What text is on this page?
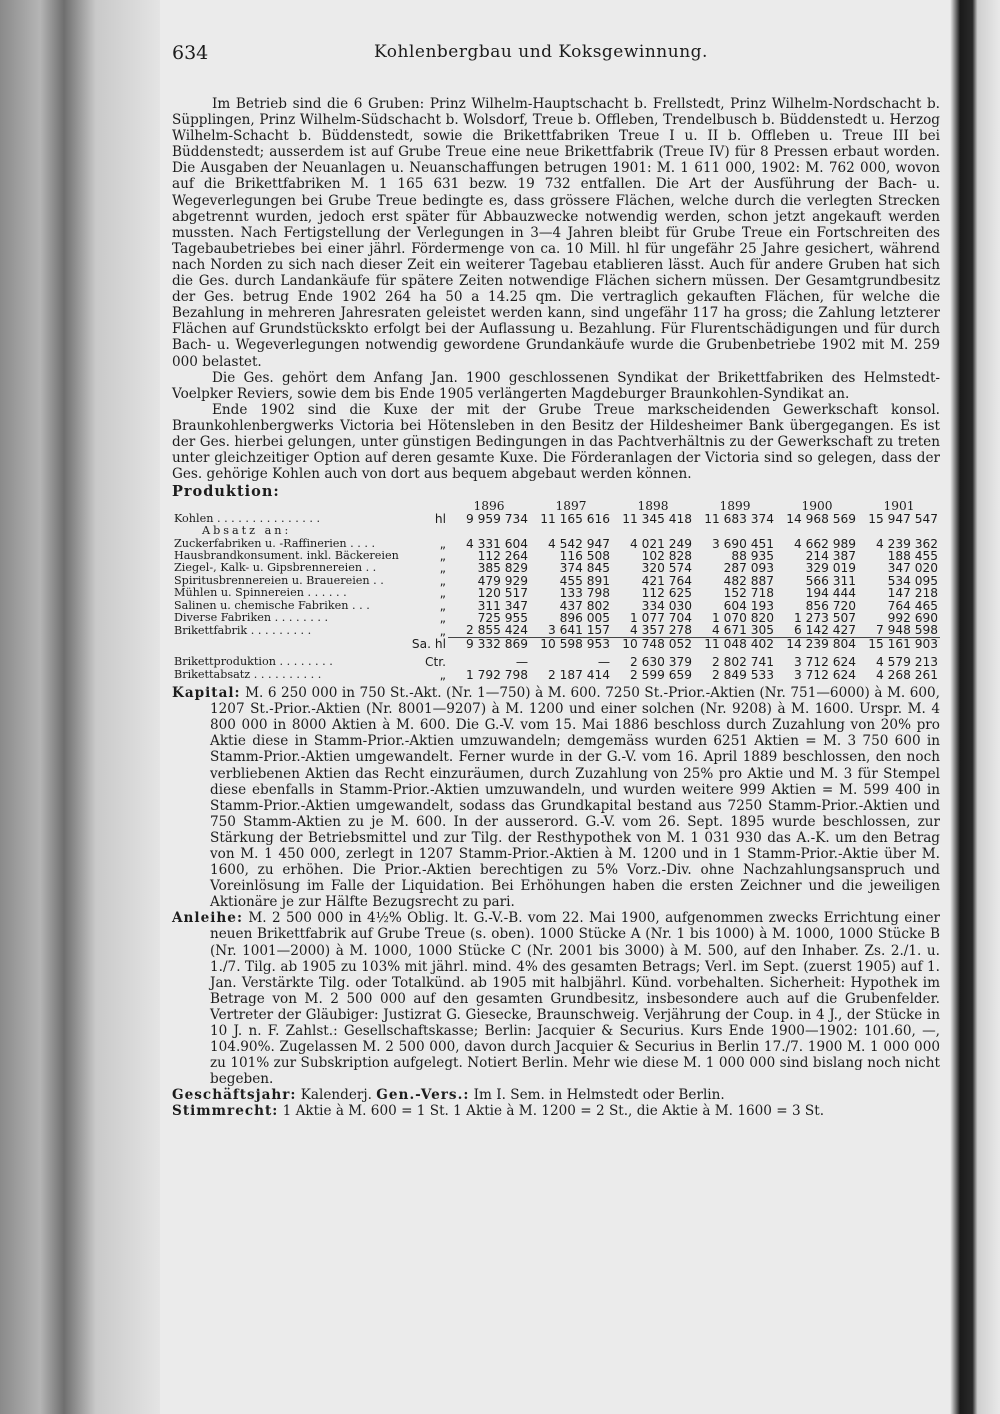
634	Kohlenbergbau und Koksgewinnung.

Im Betrieb sind die 6 Gruben: Prinz Wilhelm-Hauptschacht b. Frellstedt, Prinz Wilhelm-Nordschacht b. Süpplingen, Prinz Wilhelm-Südschacht b. Wolsdorf, Treue b. Offleben, Trendelbusch b. Büddenstedt u. Herzog Wilhelm-Schacht b. Büddenstedt, sowie die Brikettfabriken Treue I u. II b. Offleben u. Treue III bei Büddenstedt; ausserdem ist auf Grube Treue eine neue Brikettfabrik (Treue IV) für 8 Pressen erbaut worden. Die Ausgaben der Neuanlagen u. Neuanschaffungen betrugen 1901: M. 1 611 000, 1902: M. 762 000, wovon auf die Brikettfabriken M. 1 165 631 bezw. 19 732 entfallen. Die Art der Ausführung der Bach- u. Wegeverlegungen bei Grube Treue bedingte es, dass grössere Flächen, welche durch die verlegten Strecken abgetrennt wurden, jedoch erst später für Abbauzwecke notwendig werden, schon jetzt angekauft werden mussten. Nach Fertigstellung der Verlegungen in 3—4 Jahren bleibt für Grube Treue ein Fortschreiten des Tagebaubetriebes bei einer jährl. Fördermenge von ca. 10 Mill. hl für ungefähr 25 Jahre gesichert, während nach Norden zu sich nach dieser Zeit ein weiterer Tagebau etablieren lässt. Auch für andere Gruben hat sich die Ges. durch Landankäufe für spätere Zeiten notwendige Flächen sichern müssen. Der Gesamtgrundbesitz der Ges. betrug Ende 1902 264 ha 50 a 14.25 qm. Die vertraglich gekauften Flächen, für welche die Bezahlung in mehreren Jahresraten geleistet werden kann, sind ungefähr 117 ha gross; die Zahlung letzterer Flächen auf Grundstückskto erfolgt bei der Auflassung u. Bezahlung. Für Flurentschädigungen und für durch Bach- u. Wegeverlegungen notwendig gewordene Grundankäufe wurde die Grubenbetriebe 1902 mit M. 259 000 belastet.

Die Ges. gehört dem Anfang Jan. 1900 geschlossenen Syndikat der Brikettfabriken des Helmstedt-Voelpker Reviers, sowie dem bis Ende 1905 verlängerten Magdeburger Braunkohlen-Syndikat an.

Ende 1902 sind die Kuxe der mit der Grube Treue markscheidenden Gewerkschaft konsol. Braunkohlenbergwerks Victoria bei Hötensleben in den Besitz der Hildesheimer Bank übergegangen. Es ist der Ges. hierbei gelungen, unter günstigen Bedingungen in das Pachtverhältnis zu der Gewerkschaft zu treten unter gleichzeitiger Option auf deren gesamte Kuxe. Die Förderanlagen der Victoria sind so gelegen, dass der Ges. gehörige Kohlen auch von dort aus bequem abgebaut werden können.

Produktion:
		1896	1897	1898	1899	1900	1901
Kohlen . . . . . . . . . . . . . . .	hl	9 959 734	11 165 616	11 345 418	11 683 374	14 968 569	15 947 547
Absatz an:							
Zuckerfabriken u. -Raffinerien . . . .	„	4 331 604	4 542 947	4 021 249	3 690 451	4 662 989	4 239 362
Hausbrandkonsument. inkl. Bäckereien	„	112 264	116 508	102 828	88 935	214 387	188 455
Ziegel-, Kalk- u. Gipsbrennereien . .	„	385 829	374 845	320 574	287 093	329 019	347 020
Spiritusbrennereien u. Brauereien . .	„	479 929	455 891	421 764	482 887	566 311	534 095
Mühlen u. Spinnereien . . . . . .	„	120 517	133 798	112 625	152 718	194 444	147 218
Salinen u. chemische Fabriken . . .	„	311 347	437 802	334 030	604 193	856 720	764 465
Diverse Fabriken . . . . . . . .	„	725 955	896 005	1 077 704	1 070 820	1 273 507	992 690
Brikettfabrik . . . . . . . . .	„	2 855 424	3 641 157	4 357 278	4 671 305	6 142 427	7 948 598
	Sa. hl	9 332 869	10 598 953	10 748 052	11 048 402	14 239 804	15 161 903

Brikettproduktion . . . . . . . .	Ctr.	—	—	2 630 379	2 802 741	3 712 624	4 579 213
Brikettabsatz . . . . . . . . . .	„	1 792 798	2 187 414	2 599 659	2 849 533	3 712 624	4 268 261

Kapital: M. 6 250 000 in 750 St.-Akt. (Nr. 1—750) à M. 600. 7250 St.-Prior.-Aktien (Nr. 751—6000) à M. 600, 1207 St.-Prior.-Aktien (Nr. 8001—9207) à M. 1200 und einer solchen (Nr. 9208) à M. 1600. Urspr. M. 4 800 000 in 8000 Aktien à M. 600. Die G.-V. vom 15. Mai 1886 beschloss durch Zuzahlung von 20% pro Aktie diese in Stamm-Prior.-Aktien umzuwandeln; demgemäss wurden 6251 Aktien = M. 3 750 600 in Stamm-Prior.-Aktien umgewandelt. Ferner wurde in der G.-V. vom 16. April 1889 beschlossen, den noch verbliebenen Aktien das Recht einzuräumen, durch Zuzahlung von 25% pro Aktie und M. 3 für Stempel diese ebenfalls in Stamm-Prior.-Aktien umzuwandeln, und wurden weitere 999 Aktien = M. 599 400 in Stamm-Prior.-Aktien umgewandelt, sodass das Grundkapital bestand aus 7250 Stamm-Prior.-Aktien und 750 Stamm-Aktien zu je M. 600. In der ausserord. G.-V. vom 26. Sept. 1895 wurde beschlossen, zur Stärkung der Betriebsmittel und zur Tilg. der Resthypothek von M. 1 031 930 das A.-K. um den Betrag von M. 1 450 000, zerlegt in 1207 Stamm-Prior.-Aktien à M. 1200 und in 1 Stamm-Prior.-Aktie über M. 1600, zu erhöhen. Die Prior.-Aktien berechtigen zu 5% Vorz.-Div. ohne Nachzahlungsanspruch und Voreinlösung im Falle der Liquidation. Bei Erhöhungen haben die ersten Zeichner und die jeweiligen Aktionäre je zur Hälfte Bezugsrecht zu pari.

Anleihe: M. 2 500 000 in 4½% Oblig. lt. G.-V.-B. vom 22. Mai 1900, aufgenommen zwecks Errichtung einer neuen Brikettfabrik auf Grube Treue (s. oben). 1000 Stücke A (Nr. 1 bis 1000) à M. 1000, 1000 Stücke B (Nr. 1001—2000) à M. 1000, 1000 Stücke C (Nr. 2001 bis 3000) à M. 500, auf den Inhaber. Zs. 2./1. u. 1./7. Tilg. ab 1905 zu 103% mit jährl. mind. 4% des gesamten Betrags; Verl. im Sept. (zuerst 1905) auf 1. Jan. Verstärkte Tilg. oder Totalkünd. ab 1905 mit halbjährl. Künd. vorbehalten. Sicherheit: Hypothek im Betrage von M. 2 500 000 auf den gesamten Grundbesitz, insbesondere auch auf die Grubenfelder. Vertreter der Gläubiger: Justizrat G. Giesecke, Braunschweig. Verjährung der Coup. in 4 J., der Stücke in 10 J. n. F. Zahlst.: Gesellschaftskasse; Berlin: Jacquier & Securius. Kurs Ende 1900—1902: 101.60, —, 104.90%. Zugelassen M. 2 500 000, davon durch Jacquier & Securius in Berlin 17./7. 1900 M. 1 000 000 zu 101% zur Subskription aufgelegt. Notiert Berlin. Mehr wie diese M. 1 000 000 sind bislang noch nicht begeben.

Geschäftsjahr: Kalenderj. Gen.-Vers.: Im I. Sem. in Helmstedt oder Berlin.

Stimmrecht: 1 Aktie à M. 600 = 1 St. 1 Aktie à M. 1200 = 2 St., die Aktie à M. 1600 = 3 St.
